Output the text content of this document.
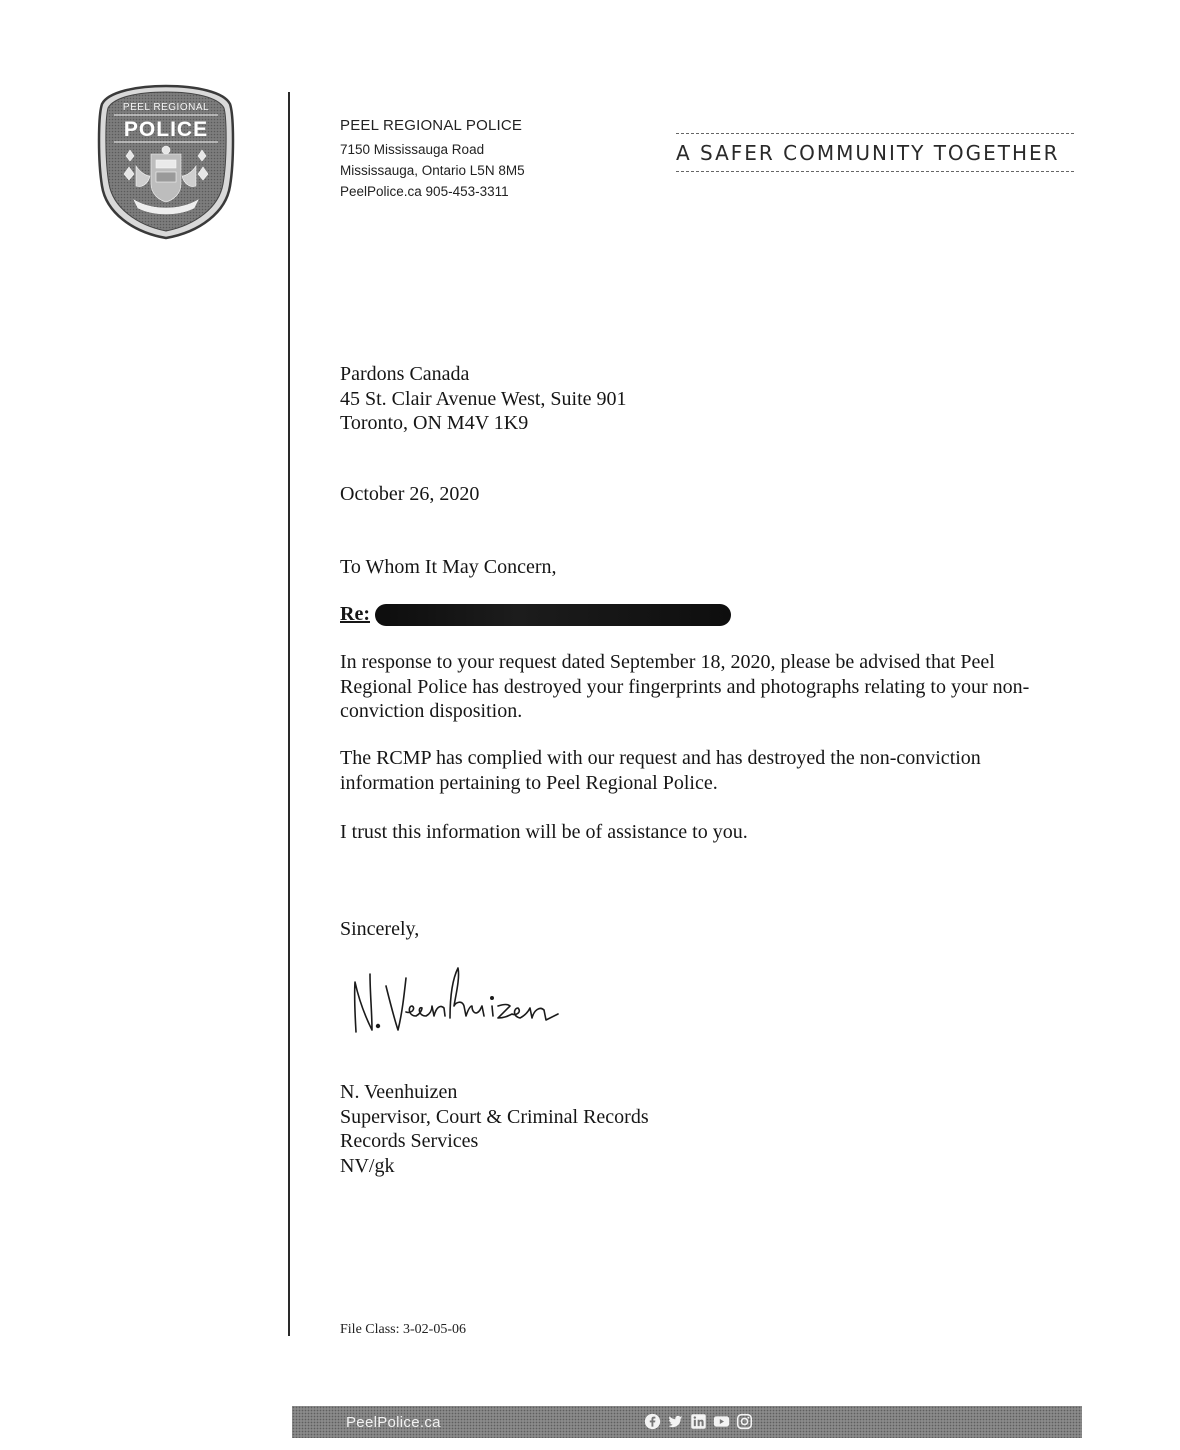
PEEL REGIONAL
POLICE	PEEL REGIONAL POLICE
7150 Mississauga Road
Mississauga, Ontario L5N 8M5
PeelPolice.ca 905-453-3311
A SAFER COMMUNITY TOGETHER
Pardons Canada
45 St. Clair Avenue West, Suite 901
Toronto, ON M4V 1K9
October 26, 2020
To Whom It May Concern,
Re:
In response to your request dated September 18, 2020, please be advised that Peel Regional Police has destroyed your fingerprints and photographs relating to your non-conviction disposition.
The RCMP has complied with our request and has destroyed the non-conviction information pertaining to Peel Regional Police.
I trust this information will be of assistance to you.
Sincerely,
N. Veenhuizen
Supervisor, Court & Criminal Records
Records Services
NV/gk
File Class: 3-02-05-06
PeelPolice.ca
